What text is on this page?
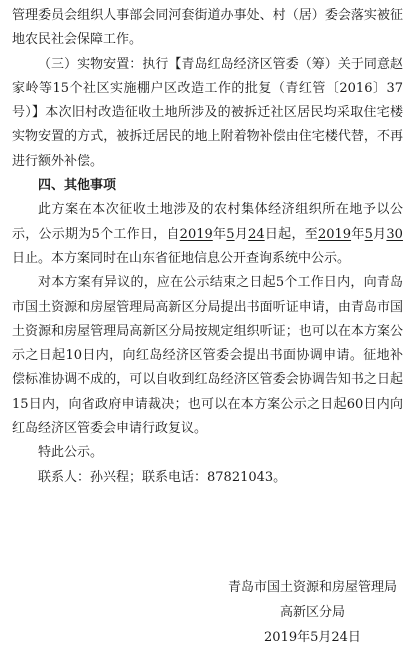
管理委员会组织人事部会同河套街道办事处、村（居）委会落实被征地农民社会保障工作。

（三）实物安置：执行【青岛红岛经济区管委（筹）关于同意赵家岭等15个社区实施棚户区改造工作的批复（青红管〔2016〕37号）】本次旧村改造征收土地所涉及的被拆迁社区居民均采取住宅楼实物安置的方式，被拆迁居民的地上附着物补偿由住宅楼代替，不再进行额外补偿。

四、其他事项

此方案在本次征收土地涉及的农村集体经济组织所在地予以公示，公示期为5个工作日，自2019年5月24日起，至2019年5月30日止。本方案同时在山东省征地信息公开查询系统中公示。

对本方案有异议的，应在公示结束之日起5个工作日内，向青岛市国土资源和房屋管理局高新区分局提出书面听证申请，由青岛市国土资源和房屋管理局高新区分局按规定组织听证；也可以在本方案公示之日起10日内，向红岛经济区管委会提出书面协调申请。征地补偿标准协调不成的，可以自收到红岛经济区管委会协调告知书之日起15日内，向省政府申请裁决；也可以在本方案公示之日起60日内向红岛经济区管委会申请行政复议。

特此公示。

联系人：孙兴程；联系电话：87821043。

青岛市国土资源和房屋管理局
高新区分局
2019年5月24日
